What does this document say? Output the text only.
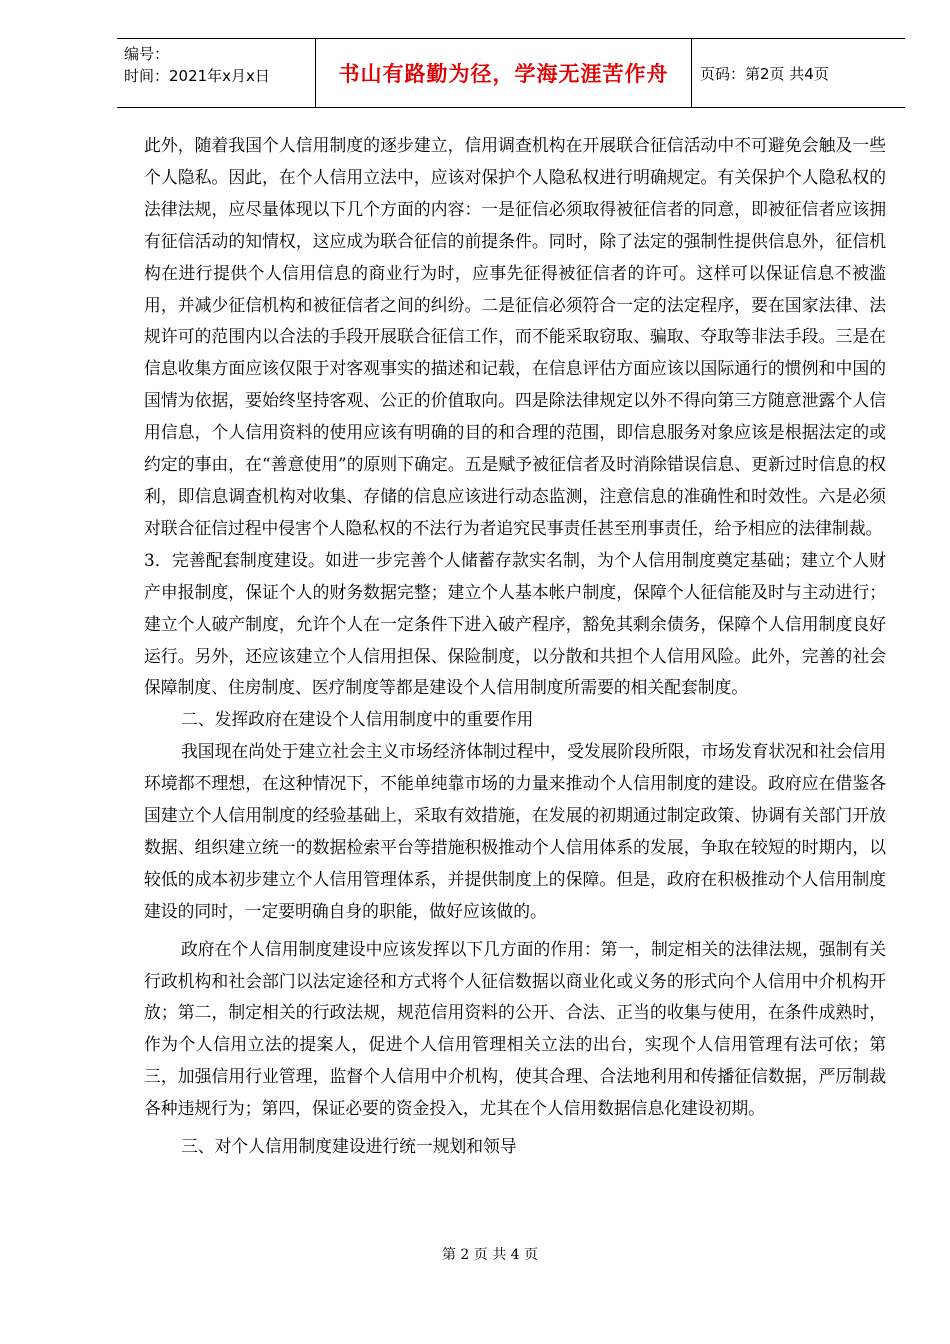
编号：
时间：2021年x月x日	书山有路勤为径，学海无涯苦作舟	页码：第2页 共4页

此外，随着我国个人信用制度的逐步建立，信用调查机构在开展联合征信活动中不可避免会触及一些个人隐私。因此，在个人信用立法中，应该对保护个人隐私权进行明确规定。有关保护个人隐私权的法律法规，应尽量体现以下几个方面的内容：一是征信必须取得被征信者的同意，即被征信者应该拥有征信活动的知情权，这应成为联合征信的前提条件。同时，除了法定的强制性提供信息外，征信机构在进行提供个人信用信息的商业行为时，应事先征得被征信者的许可。这样可以保证信息不被滥用，并减少征信机构和被征信者之间的纠纷。二是征信必须符合一定的法定程序，要在国家法律、法规许可的范围内以合法的手段开展联合征信工作，而不能采取窃取、骗取、夺取等非法手段。三是在信息收集方面应该仅限于对客观事实的描述和记载，在信息评估方面应该以国际通行的惯例和中国的国情为依据，要始终坚持客观、公正的价值取向。四是除法律规定以外不得向第三方随意泄露个人信用信息，个人信用资料的使用应该有明确的目的和合理的范围，即信息服务对象应该是根据法定的或约定的事由，在“善意使用”的原则下确定。五是赋予被征信者及时消除错误信息、更新过时信息的权利，即信息调查机构对收集、存储的信息应该进行动态监测，注意信息的准确性和时效性。六是必须对联合征信过程中侵害个人隐私权的不法行为者追究民事责任甚至刑事责任，给予相应的法律制裁。

3．完善配套制度建设。如进一步完善个人储蓄存款实名制，为个人信用制度奠定基础；建立个人财产申报制度，保证个人的财务数据完整；建立个人基本帐户制度，保障个人征信能及时与主动进行；建立个人破产制度，允许个人在一定条件下进入破产程序，豁免其剩余债务，保障个人信用制度良好运行。另外，还应该建立个人信用担保、保险制度，以分散和共担个人信用风险。此外，完善的社会保障制度、住房制度、医疗制度等都是建设个人信用制度所需要的相关配套制度。

二、发挥政府在建设个人信用制度中的重要作用

我国现在尚处于建立社会主义市场经济体制过程中，受发展阶段所限，市场发育状况和社会信用环境都不理想，在这种情况下，不能单纯靠市场的力量来推动个人信用制度的建设。政府应在借鉴各国建立个人信用制度的经验基础上，采取有效措施，在发展的初期通过制定政策、协调有关部门开放数据、组织建立统一的数据检索平台等措施积极推动个人信用体系的发展，争取在较短的时期内，以较低的成本初步建立个人信用管理体系，并提供制度上的保障。但是，政府在积极推动个人信用制度建设的同时，一定要明确自身的职能，做好应该做的。

政府在个人信用制度建设中应该发挥以下几方面的作用：第一，制定相关的法律法规，强制有关行政机构和社会部门以法定途径和方式将个人征信数据以商业化或义务的形式向个人信用中介机构开放；第二，制定相关的行政法规，规范信用资料的公开、合法、正当的收集与使用，在条件成熟时，作为个人信用立法的提案人，促进个人信用管理相关立法的出台，实现个人信用管理有法可依；第三，加强信用行业管理，监督个人信用中介机构，使其合理、合法地利用和传播征信数据，严厉制裁各种违规行为；第四，保证必要的资金投入，尤其在个人信用数据信息化建设初期。

三、对个人信用制度建设进行统一规划和领导

第 2 页 共 4 页
